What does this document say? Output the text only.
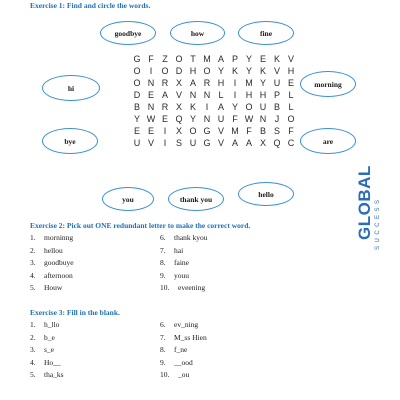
Exercise 1: Find and circle the words.
goodbye	how	fine
hi	morning
bye	are
you	thank you
hello
G F Z O T M A P Y E K V
O	I	O D H O Y K Y K V H
O N R X A R H	I	M Y U E
D E A V N N L	I	H H P L
B N R X K	I	A Y O U B L
Y W E Q Y N U F W N J O
E E	I	X O G V M F B S F
U V	I	S U G V A A X Q C
Exercise 2: Pick out ONE redundant letter to make the correct word.
1.	morninng
2.	hellou
3.	goodbuye
4.	afternoon
5.	Houw
6.	thank kyou
7.	hai
8.	faine
9.	youu
10.	eveening
Exercise 3: Fill in the blank.
1.	h_llo
2.	b_e
3.	s_e
4.	Ho__
5.	tha_ks
6.	ev_ning
7.	M_ss Hien
8.	f_ne
9.	__ood
10.	_ou
GLOBAL SUCCESS
